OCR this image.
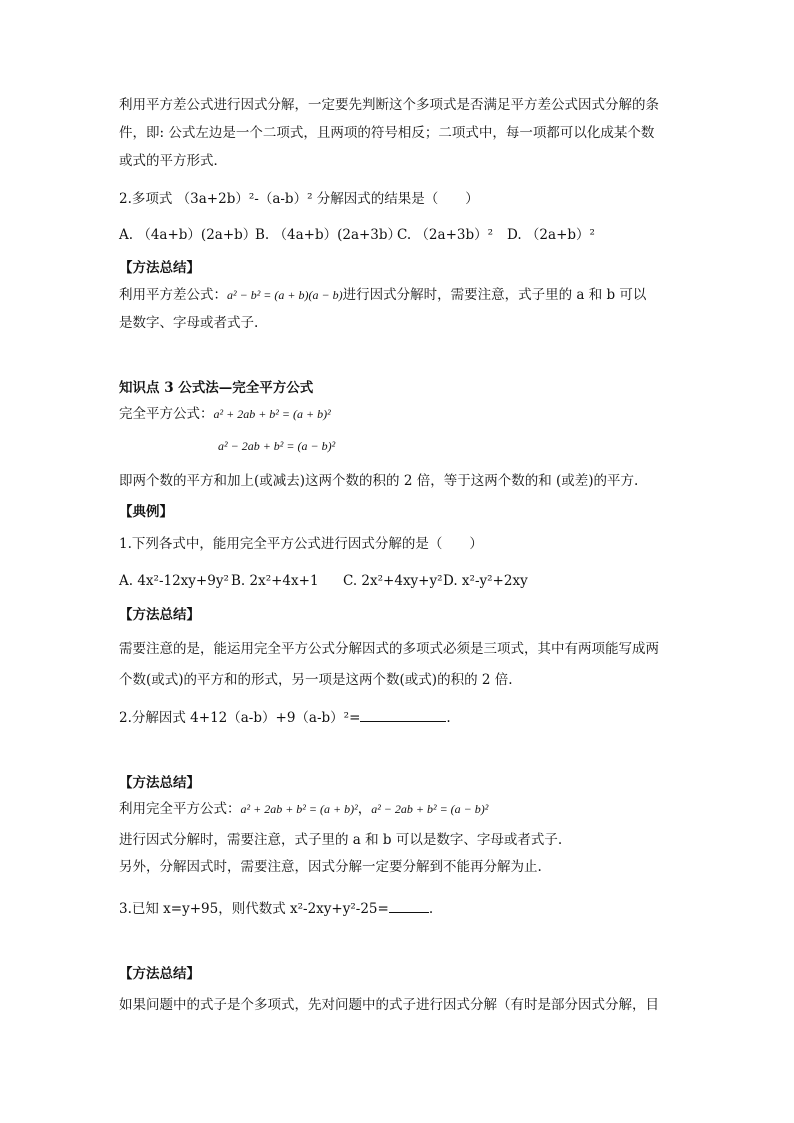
利用平方差公式进行因式分解，一定要先判断这个多项式是否满足平方差公式因式分解的条
件，即: 公式左边是一个二项式，且两项的符号相反；二项式中，每一项都可以化成某个数
或式的平方形式．
2.多项式 （3a+2b）²-（a-b）² 分解因式的结果是（　　）
A. （4a+b）(2a+b）B. （4a+b）(2a+3b）C. （2a+3b）² D. （2a+b）²
【方法总结】
利用平方差公式：a² − b² = (a + b)(a − b)进行因式分解时，需要注意，式子里的 a 和 b 可以
是数字、字母或者式子.
知识点 3 公式法—完全平方公式
完全平方公式：a² + 2ab + b² = (a + b)²
a² − 2ab + b² = (a − b)²
即两个数的平方和加上(或减去)这两个数的积的 2 倍，等于这两个数的和 (或差)的平方.
【典例】
1.下列各式中，能用完全平方公式进行因式分解的是（　　）
A. 4x²-12xy+9y² B. 2x²+4x+1 C. 2x²+4xy+y²D. x²-y²+2xy
【方法总结】
需要注意的是，能运用完全平方公式分解因式的多项式必须是三项式，其中有两项能写成两
个数(或式)的平方和的形式，另一项是这两个数(或式)的积的 2 倍.
2.分解因式 4+12（a-b）+9（a-b）²=	.
【方法总结】
利用完全平方公式：a² + 2ab + b² = (a + b)²，a² − 2ab + b² = (a − b)²
进行因式分解时，需要注意，式子里的 a 和 b 可以是数字、字母或者式子.
另外，分解因式时，需要注意，因式分解一定要分解到不能再分解为止.
3.已知 x=y+95，则代数式 x²-2xy+y²-25=	.
【方法总结】
如果问题中的式子是个多项式，先对问题中的式子进行因式分解（有时是部分因式分解，目
